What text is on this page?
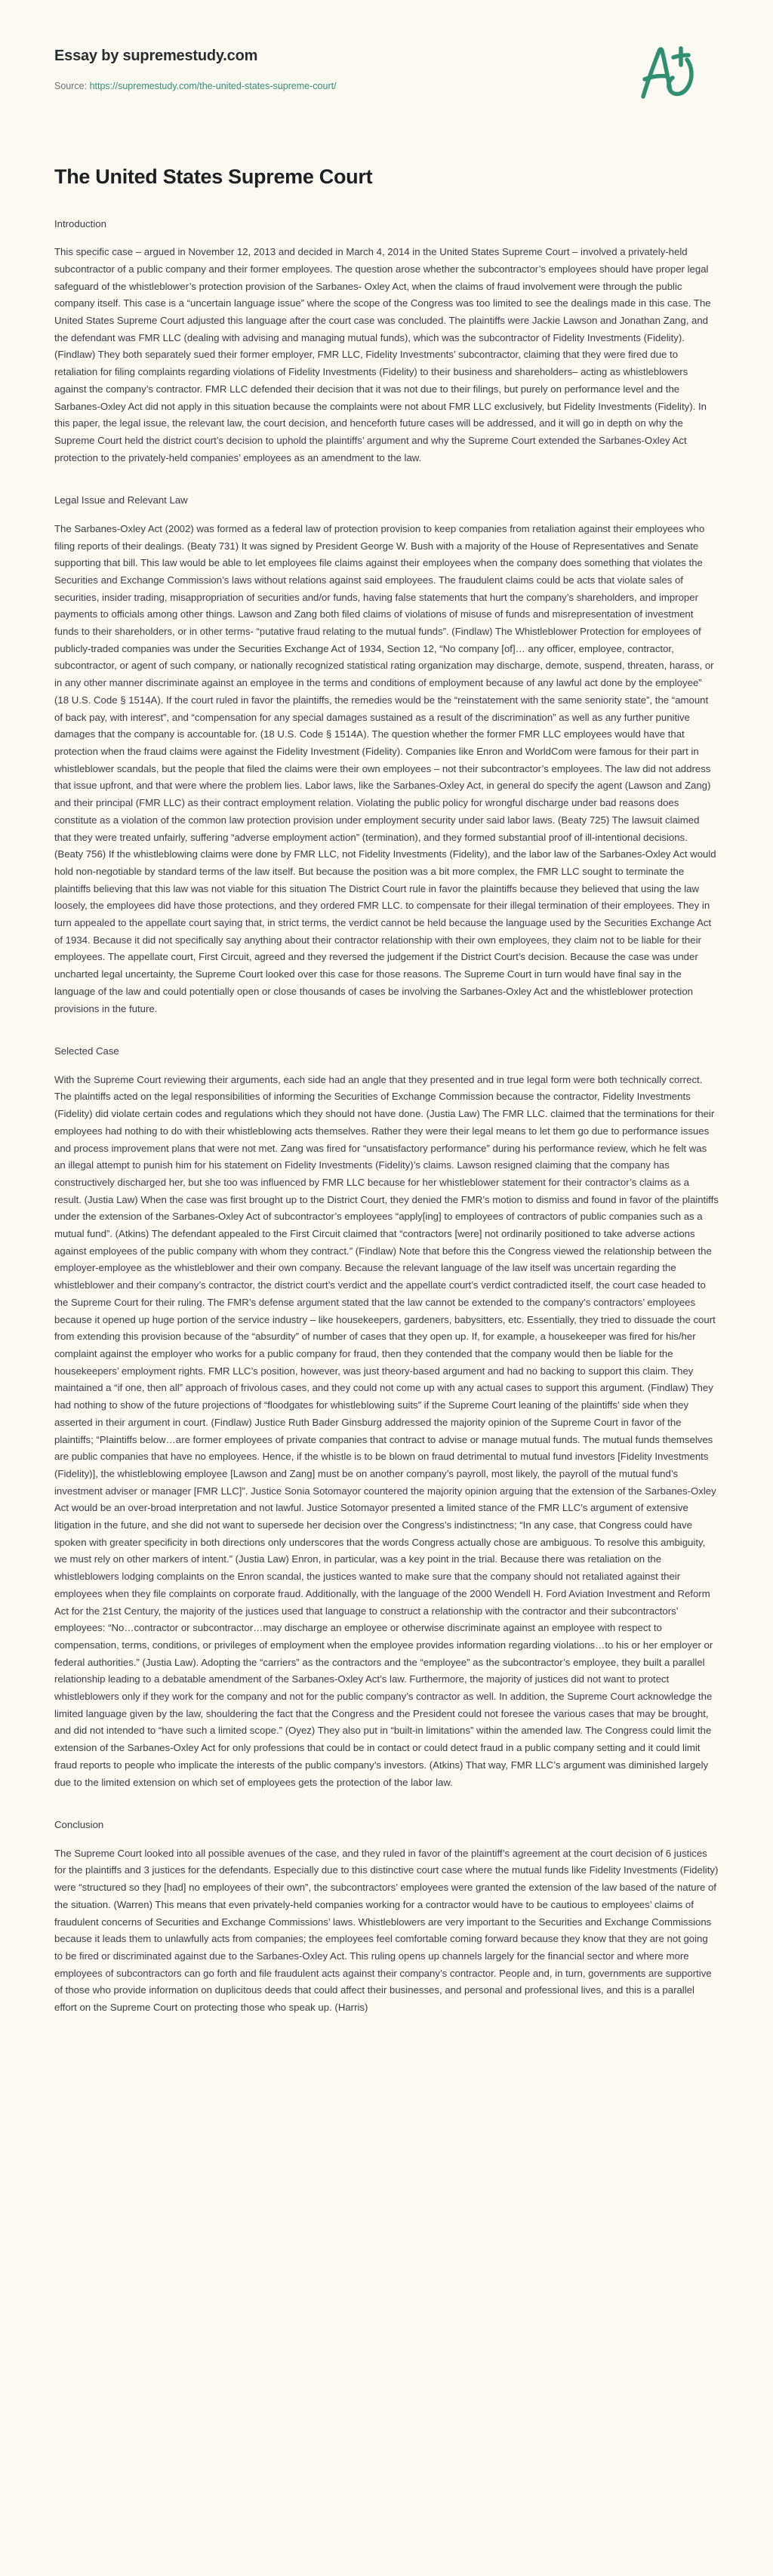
Essay by supremestudy.com
Source: https://supremestudy.com/the-united-states-supreme-court/
The United States Supreme Court
Introduction

This specific case – argued in November 12, 2013 and decided in March 4, 2014 in the United States Supreme Court – involved a privately-held subcontractor of a public company and their former employees. The question arose whether the subcontractor’s employees should have proper legal safeguard of the whistleblower’s protection provision of the Sarbanes- Oxley Act, when the claims of fraud involvement were through the public company itself. This case is a “uncertain language issue” where the scope of the Congress was too limited to see the dealings made in this case. The United States Supreme Court adjusted this language after the court case was concluded. The plaintiffs were Jackie Lawson and Jonathan Zang, and the defendant was FMR LLC (dealing with advising and managing mutual funds), which was the subcontractor of Fidelity Investments (Fidelity). (Findlaw) They both separately sued their former employer, FMR LLC, Fidelity Investments’ subcontractor, claiming that they were fired due to retaliation for filing complaints regarding violations of Fidelity Investments (Fidelity) to their business and shareholders– acting as whistleblowers against the company’s contractor. FMR LLC defended their decision that it was not due to their filings, but purely on performance level and the Sarbanes-Oxley Act did not apply in this situation because the complaints were not about FMR LLC exclusively, but Fidelity Investments (Fidelity). In this paper, the legal issue, the relevant law, the court decision, and henceforth future cases will be addressed, and it will go in depth on why the Supreme Court held the district court’s decision to uphold the plaintiffs’ argument and why the Supreme Court extended the Sarbanes-Oxley Act protection to the privately-held companies’ employees as an amendment to the law.

Legal Issue and Relevant Law

The Sarbanes-Oxley Act (2002) was formed as a federal law of protection provision to keep companies from retaliation against their employees who filing reports of their dealings. (Beaty 731) It was signed by President George W. Bush with a majority of the House of Representatives and Senate supporting that bill. This law would be able to let employees file claims against their employees when the company does something that violates the Securities and Exchange Commission’s laws without relations against said employees. The fraudulent claims could be acts that violate sales of securities, insider trading, misappropriation of securities and/or funds, having false statements that hurt the company’s shareholders, and improper payments to officials among other things. Lawson and Zang both filed claims of violations of misuse of funds and misrepresentation of investment funds to their shareholders, or in other terms- “putative fraud relating to the mutual funds”. (Findlaw) The Whistleblower Protection for employees of publicly-traded companies was under the Securities Exchange Act of 1934, Section 12, “No company [of]… any officer, employee, contractor, subcontractor, or agent of such company, or nationally recognized statistical rating organization may discharge, demote, suspend, threaten, harass, or in any other manner discriminate against an employee in the terms and conditions of employment because of any lawful act done by the employee” (18 U.S. Code § 1514A). If the court ruled in favor the plaintiffs, the remedies would be the “reinstatement with the same seniority state”, the “amount of back pay, with interest”, and “compensation for any special damages sustained as a result of the discrimination” as well as any further punitive damages that the company is accountable for. (18 U.S. Code § 1514A). The question whether the former FMR LLC employees would have that protection when the fraud claims were against the Fidelity Investment (Fidelity). Companies like Enron and WorldCom were famous for their part in whistleblower scandals, but the people that filed the claims were their own employees – not their subcontractor’s employees. The law did not address that issue upfront, and that were where the problem lies. Labor laws, like the Sarbanes-Oxley Act, in general do specify the agent (Lawson and Zang) and their principal (FMR LLC) as their contract employment relation. Violating the public policy for wrongful discharge under bad reasons does constitute as a violation of the common law protection provision under employment security under said labor laws. (Beaty 725) The lawsuit claimed that they were treated unfairly, suffering “adverse employment action” (termination), and they formed substantial proof of ill-intentional decisions. (Beaty 756) If the whistleblowing claims were done by FMR LLC, not Fidelity Investments (Fidelity), and the labor law of the Sarbanes-Oxley Act would hold non-negotiable by standard terms of the law itself. But because the position was a bit more complex, the FMR LLC sought to terminate the plaintiffs believing that this law was not viable for this situation The District Court rule in favor the plaintiffs because they believed that using the law loosely, the employees did have those protections, and they ordered FMR LLC. to compensate for their illegal termination of their employees. They in turn appealed to the appellate court saying that, in strict terms, the verdict cannot be held because the language used by the Securities Exchange Act of 1934. Because it did not specifically say anything about their contractor relationship with their own employees, they claim not to be liable for their employees. The appellate court, First Circuit, agreed and they reversed the judgement if the District Court’s decision. Because the case was under uncharted legal uncertainty, the Supreme Court looked over this case for those reasons. The Supreme Court in turn would have final say in the language of the law and could potentially open or close thousands of cases be involving the Sarbanes-Oxley Act and the whistleblower protection provisions in the future.

Selected Case

With the Supreme Court reviewing their arguments, each side had an angle that they presented and in true legal form were both technically correct. The plaintiffs acted on the legal responsibilities of informing the Securities of Exchange Commission because the contractor, Fidelity Investments (Fidelity) did violate certain codes and regulations which they should not have done. (Justia Law) The FMR LLC. claimed that the terminations for their employees had nothing to do with their whistleblowing acts themselves. Rather they were their legal means to let them go due to performance issues and process improvement plans that were not met. Zang was fired for “unsatisfactory performance” during his performance review, which he felt was an illegal attempt to punish him for his statement on Fidelity Investments (Fidelity)’s claims. Lawson resigned claiming that the company has constructively discharged her, but she too was influenced by FMR LLC because for her whistleblower statement for their contractor’s claims as a result. (Justia Law) When the case was first brought up to the District Court, they denied the FMR’s motion to dismiss and found in favor of the plaintiffs under the extension of the Sarbanes-Oxley Act of subcontractor’s employees “apply[ing] to employees of contractors of public companies such as a mutual fund”. (Atkins) The defendant appealed to the First Circuit claimed that “contractors [were] not ordinarily positioned to take adverse actions against employees of the public company with whom they contract.” (Findlaw) Note that before this the Congress viewed the relationship between the employer-employee as the whistleblower and their own company. Because the relevant language of the law itself was uncertain regarding the whistleblower and their company’s contractor, the district court’s verdict and the appellate court’s verdict contradicted itself, the court case headed to the Supreme Court for their ruling. The FMR’s defense argument stated that the law cannot be extended to the company’s contractors’ employees because it opened up huge portion of the service industry – like housekeepers, gardeners, babysitters, etc. Essentially, they tried to dissuade the court from extending this provision because of the “absurdity” of number of cases that they open up. If, for example, a housekeeper was fired for his/her complaint against the employer who works for a public company for fraud, then they contended that the company would then be liable for the housekeepers’ employment rights. FMR LLC’s position, however, was just theory-based argument and had no backing to support this claim. They maintained a “if one, then all” approach of frivolous cases, and they could not come up with any actual cases to support this argument. (Findlaw) They had nothing to show of the future projections of “floodgates for whistleblowing suits” if the Supreme Court leaning of the plaintiffs’ side when they asserted in their argument in court. (Findlaw) Justice Ruth Bader Ginsburg addressed the majority opinion of the Supreme Court in favor of the plaintiffs; “Plaintiffs below…are former employees of private companies that contract to advise or manage mutual funds. The mutual funds themselves are public companies that have no employees. Hence, if the whistle is to be blown on fraud detrimental to mutual fund investors [Fidelity Investments (Fidelity)], the whistleblowing employee [Lawson and Zang] must be on another company’s payroll, most likely, the payroll of the mutual fund’s investment adviser or manager [FMR LLC]”. Justice Sonia Sotomayor countered the majority opinion arguing that the extension of the Sarbanes-Oxley Act would be an over-broad interpretation and not lawful. Justice Sotomayor presented a limited stance of the FMR LLC’s argument of extensive litigation in the future, and she did not want to supersede her decision over the Congress’s indistinctness; “In any case, that Congress could have spoken with greater specificity in both directions only underscores that the words Congress actually chose are ambiguous. To resolve this ambiguity, we must rely on other markers of intent.” (Justia Law) Enron, in particular, was a key point in the trial. Because there was retaliation on the whistleblowers lodging complaints on the Enron scandal, the justices wanted to make sure that the company should not retaliated against their employees when they file complaints on corporate fraud. Additionally, with the language of the 2000 Wendell H. Ford Aviation Investment and Reform Act for the 21st Century, the majority of the justices used that language to construct a relationship with the contractor and their subcontractors’ employees: “No…contractor or subcontractor…may discharge an employee or otherwise discriminate against an employee with respect to compensation, terms, conditions, or privileges of employment when the employee provides information regarding violations…to his or her employer or federal authorities.” (Justia Law). Adopting the “carriers” as the contractors and the “employee” as the subcontractor’s employee, they built a parallel relationship leading to a debatable amendment of the Sarbanes-Oxley Act’s law. Furthermore, the majority of justices did not want to protect whistleblowers only if they work for the company and not for the public company’s contractor as well. In addition, the Supreme Court acknowledge the limited language given by the law, shouldering the fact that the Congress and the President could not foresee the various cases that may be brought, and did not intended to “have such a limited scope.” (Oyez) They also put in “built-in limitations” within the amended law. The Congress could limit the extension of the Sarbanes-Oxley Act for only professions that could be in contact or could detect fraud in a public company setting and it could limit fraud reports to people who implicate the interests of the public company’s investors. (Atkins) That way, FMR LLC’s argument was diminished largely due to the limited extension on which set of employees gets the protection of the labor law.

Conclusion

The Supreme Court looked into all possible avenues of the case, and they ruled in favor of the plaintiff’s agreement at the court decision of 6 justices for the plaintiffs and 3 justices for the defendants. Especially due to this distinctive court case where the mutual funds like Fidelity Investments (Fidelity) were “structured so they [had] no employees of their own”, the subcontractors’ employees were granted the extension of the law based of the nature of the situation. (Warren) This means that even privately-held companies working for a contractor would have to be cautious to employees’ claims of fraudulent concerns of Securities and Exchange Commissions’ laws. Whistleblowers are very important to the Securities and Exchange Commissions because it leads them to unlawfully acts from companies; the employees feel comfortable coming forward because they know that they are not going to be fired or discriminated against due to the Sarbanes-Oxley Act. This ruling opens up channels largely for the financial sector and where more employees of subcontractors can go forth and file fraudulent acts against their company’s contractor. People and, in turn, governments are supportive of those who provide information on duplicitous deeds that could affect their businesses, and personal and professional lives, and this is a parallel effort on the Supreme Court on protecting those who speak up. (Harris)
